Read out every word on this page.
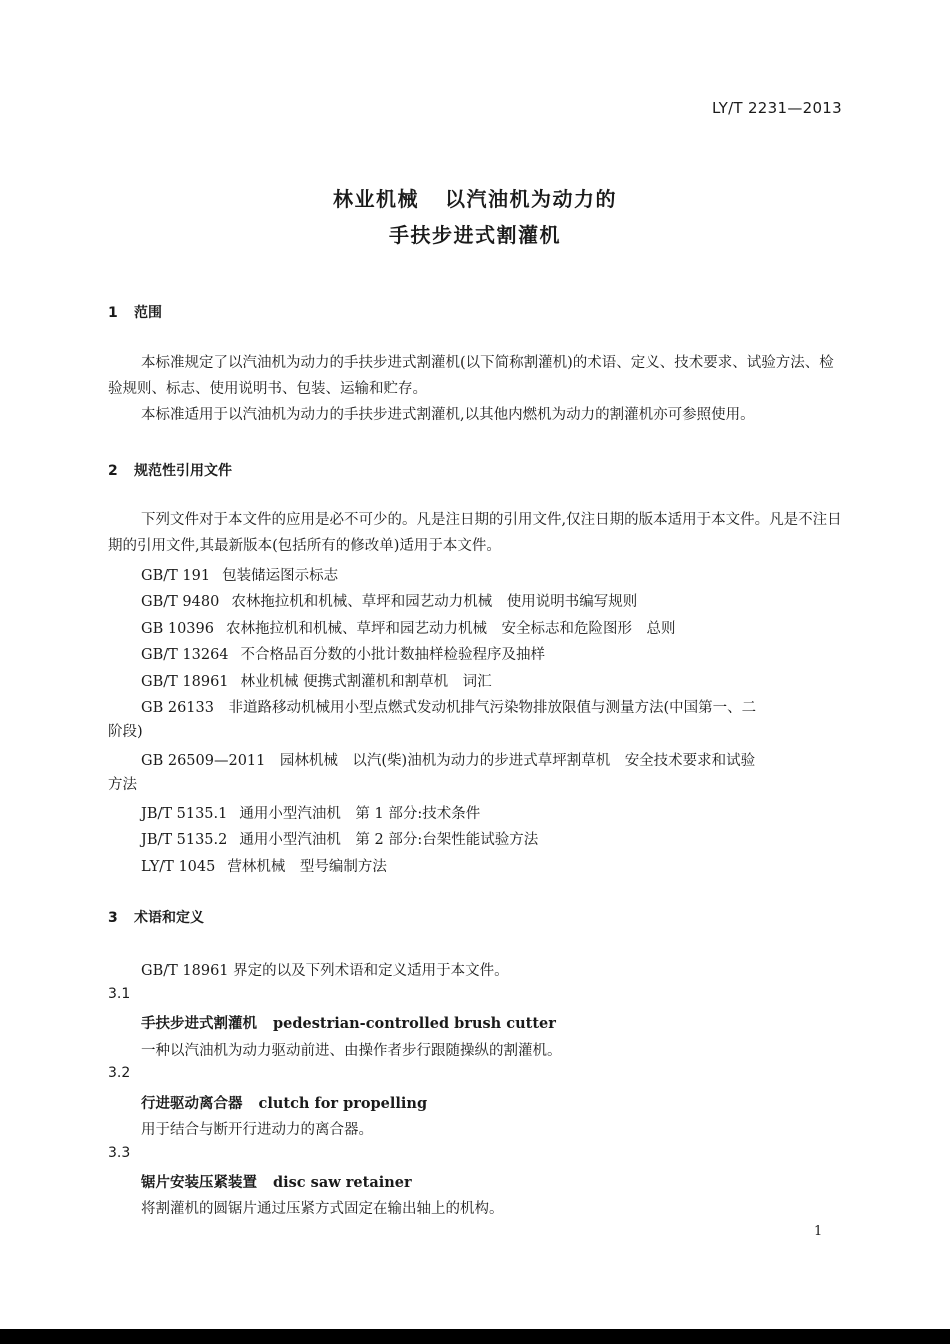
LY/T 2231—2013
林业机械 以汽油机为动力的
手扶步进式割灌机
1 范围
本标准规定了以汽油机为动力的手扶步进式割灌机(以下简称割灌机)的术语、定义、技术要求、试验方法、检验规则、标志、使用说明书、包装、运输和贮存。
本标准适用于以汽油机为动力的手扶步进式割灌机,以其他内燃机为动力的割灌机亦可参照使用。
2 规范性引用文件
下列文件对于本文件的应用是必不可少的。凡是注日期的引用文件,仅注日期的版本适用于本文件。凡是不注日期的引用文件,其最新版本(包括所有的修改单)适用于本文件。
GB/T 191 包装储运图示标志
GB/T 9480 农林拖拉机和机械、草坪和园艺动力机械　使用说明书编写规则
GB 10396 农林拖拉机和机械、草坪和园艺动力机械　安全标志和危险图形　总则
GB/T 13264 不合格品百分数的小批计数抽样检验程序及抽样
GB/T 18961 林业机械 便携式割灌机和割草机　词汇
GB 26133　非道路移动机械用小型点燃式发动机排气污染物排放限值与测量方法(中国第一、二
阶段)
GB 26509—2011　园林机械　以汽(柴)油机为动力的步进式草坪割草机　安全技术要求和试验
方法
JB/T 5135.1 通用小型汽油机　第 1 部分:技术条件
JB/T 5135.2 通用小型汽油机　第 2 部分:台架性能试验方法
LY/T 1045 营林机械　型号编制方法
3 术语和定义
GB/T 18961 界定的以及下列术语和定义适用于本文件。
3.1
手扶步进式割灌机 pedestrian-controlled brush cutter
一种以汽油机为动力驱动前进、由操作者步行跟随操纵的割灌机。
3.2
行进驱动离合器 clutch for propelling
用于结合与断开行进动力的离合器。
3.3
锯片安装压紧装置 disc saw retainer
将割灌机的圆锯片通过压紧方式固定在输出轴上的机构。
1
